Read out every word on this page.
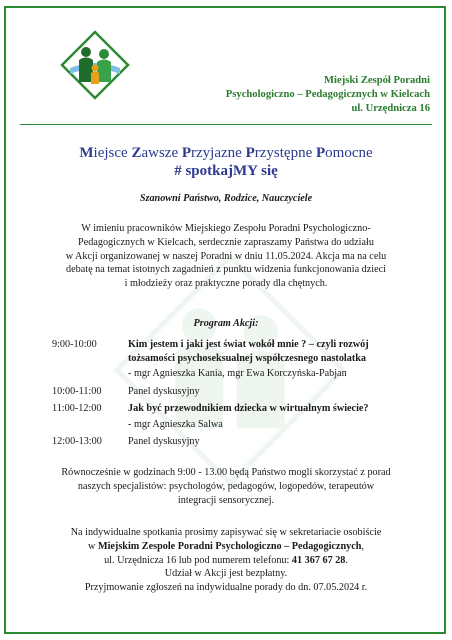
Miejski Zespół Poradni
Psychologiczno – Pedagogicznych w Kielcach
ul. Urzędnicza 16
Miejsce Zawsze Przyjazne Przystępne Pomocne
# spotkajMY się
Szanowni Państwo, Rodzice, Nauczyciele
W imieniu pracowników Miejskiego Zespołu Poradni Psychologiczno-
Pedagogicznych w Kielcach, serdecznie zapraszamy Państwa do udziału
w Akcji organizowanej w naszej Poradni w dniu 11.05.2024. Akcja ma na celu
debatę na temat istotnych zagadnień z punktu widzenia funkcjonowania dzieci
i młodzieży oraz praktyczne porady dla chętnych.
Program Akcji:
9:00-10:00	Kim jestem i jaki jest świat wokół mnie ? – czyli rozwój
tożsamości psychoseksualnej współczesnego nastolatka
- mgr Agnieszka Kania, mgr Ewa Korczyńska-Pabjan
10:00-11:00	Panel dyskusyjny
11:00-12:00	Jak być przewodnikiem dziecka w wirtualnym świecie?
- mgr Agnieszka Salwa
12:00-13:00	Panel dyskusyjny
Równocześnie w godzinach 9:00 - 13.00 będą Państwo mogli skorzystać z porad
naszych specjalistów: psychologów, pedagogów, logopedów, terapeutów
integracji sensorycznej.
Na indywidualne spotkania prosimy zapisywać się w sekretariacie osobiście
w Miejskim Zespole Poradni Psychologiczno – Pedagogicznych,
ul. Urzędnicza 16 lub pod numerem telefonu: 41 367 67 28.
Udział w Akcji jest bezpłatny.
Przyjmowanie zgłoszeń na indywidualne porady do dn. 07.05.2024 r.
